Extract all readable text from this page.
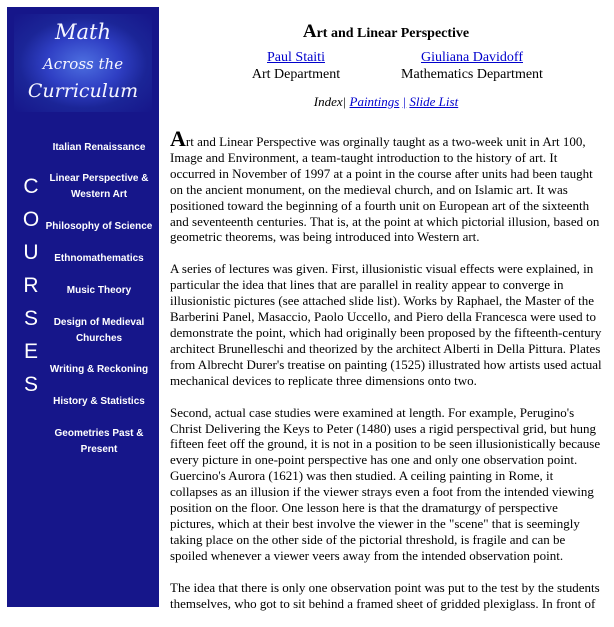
Math
Across the
Curriculum
C
O
U
R
S
E
S
Italian Renaissance
Linear Perspective & Western Art
Philosophy of Science
Ethnomathematics
Music Theory
Design of Medieval Churches
Writing & Reckoning
History & Statistics
Geometries Past & Present
Art and Linear Perspective
Paul Staiti
Art Department
Giuliana Davidoff
Mathematics Department
Index| Paintings | Slide List

Art and Linear Perspective was orginally taught as a two-week unit in Art 100, Image and Environment, a team-taught introduction to the history of art. It occurred in November of 1997 at a point in the course after units had been taught on the ancient monument, on the medieval church, and on Islamic art. It was positioned toward the beginning of a fourth unit on European art of the sixteenth and seventeenth centuries. That is, at the point at which pictorial illusion, based on geometric theorems, was being introduced into Western art.

A series of lectures was given. First, illusionistic visual effects were explained, in particular the idea that lines that are parallel in reality appear to converge in illusionistic pictures (see attached slide list). Works by Raphael, the Master of the Barberini Panel, Masaccio, Paolo Uccello, and Piero della Francesca were used to demonstrate the point, which had originally been proposed by the fifteenth-century architect Brunelleschi and theorized by the architect Alberti in Della Pittura. Plates from Albrecht Durer's treatise on painting (1525) illustrated how artists used actual mechanical devices to replicate three dimensions onto two.

Second, actual case studies were examined at length. For example, Perugino's Christ Delivering the Keys to Peter (1480) uses a rigid perspectival grid, but hung fifteen feet off the ground, it is not in a position to be seen illusionistically because every picture in one-point perspective has one and only one observation point. Guercino's Aurora (1621) was then studied. A ceiling painting in Rome, it collapses as an illusion if the viewer strays even a foot from the intended viewing position on the floor. One lesson here is that the dramaturgy of perspective pictures, which at their best involve the viewer in the "scene" that is seemingly taking place on the other side of the pictorial threshold, is fragile and can be spoiled whenever a viewer veers away from the intended observation point.

The idea that there is only one observation point was put to the test by the students themselves, who got to sit behind a framed sheet of gridded plexiglass. In front of
